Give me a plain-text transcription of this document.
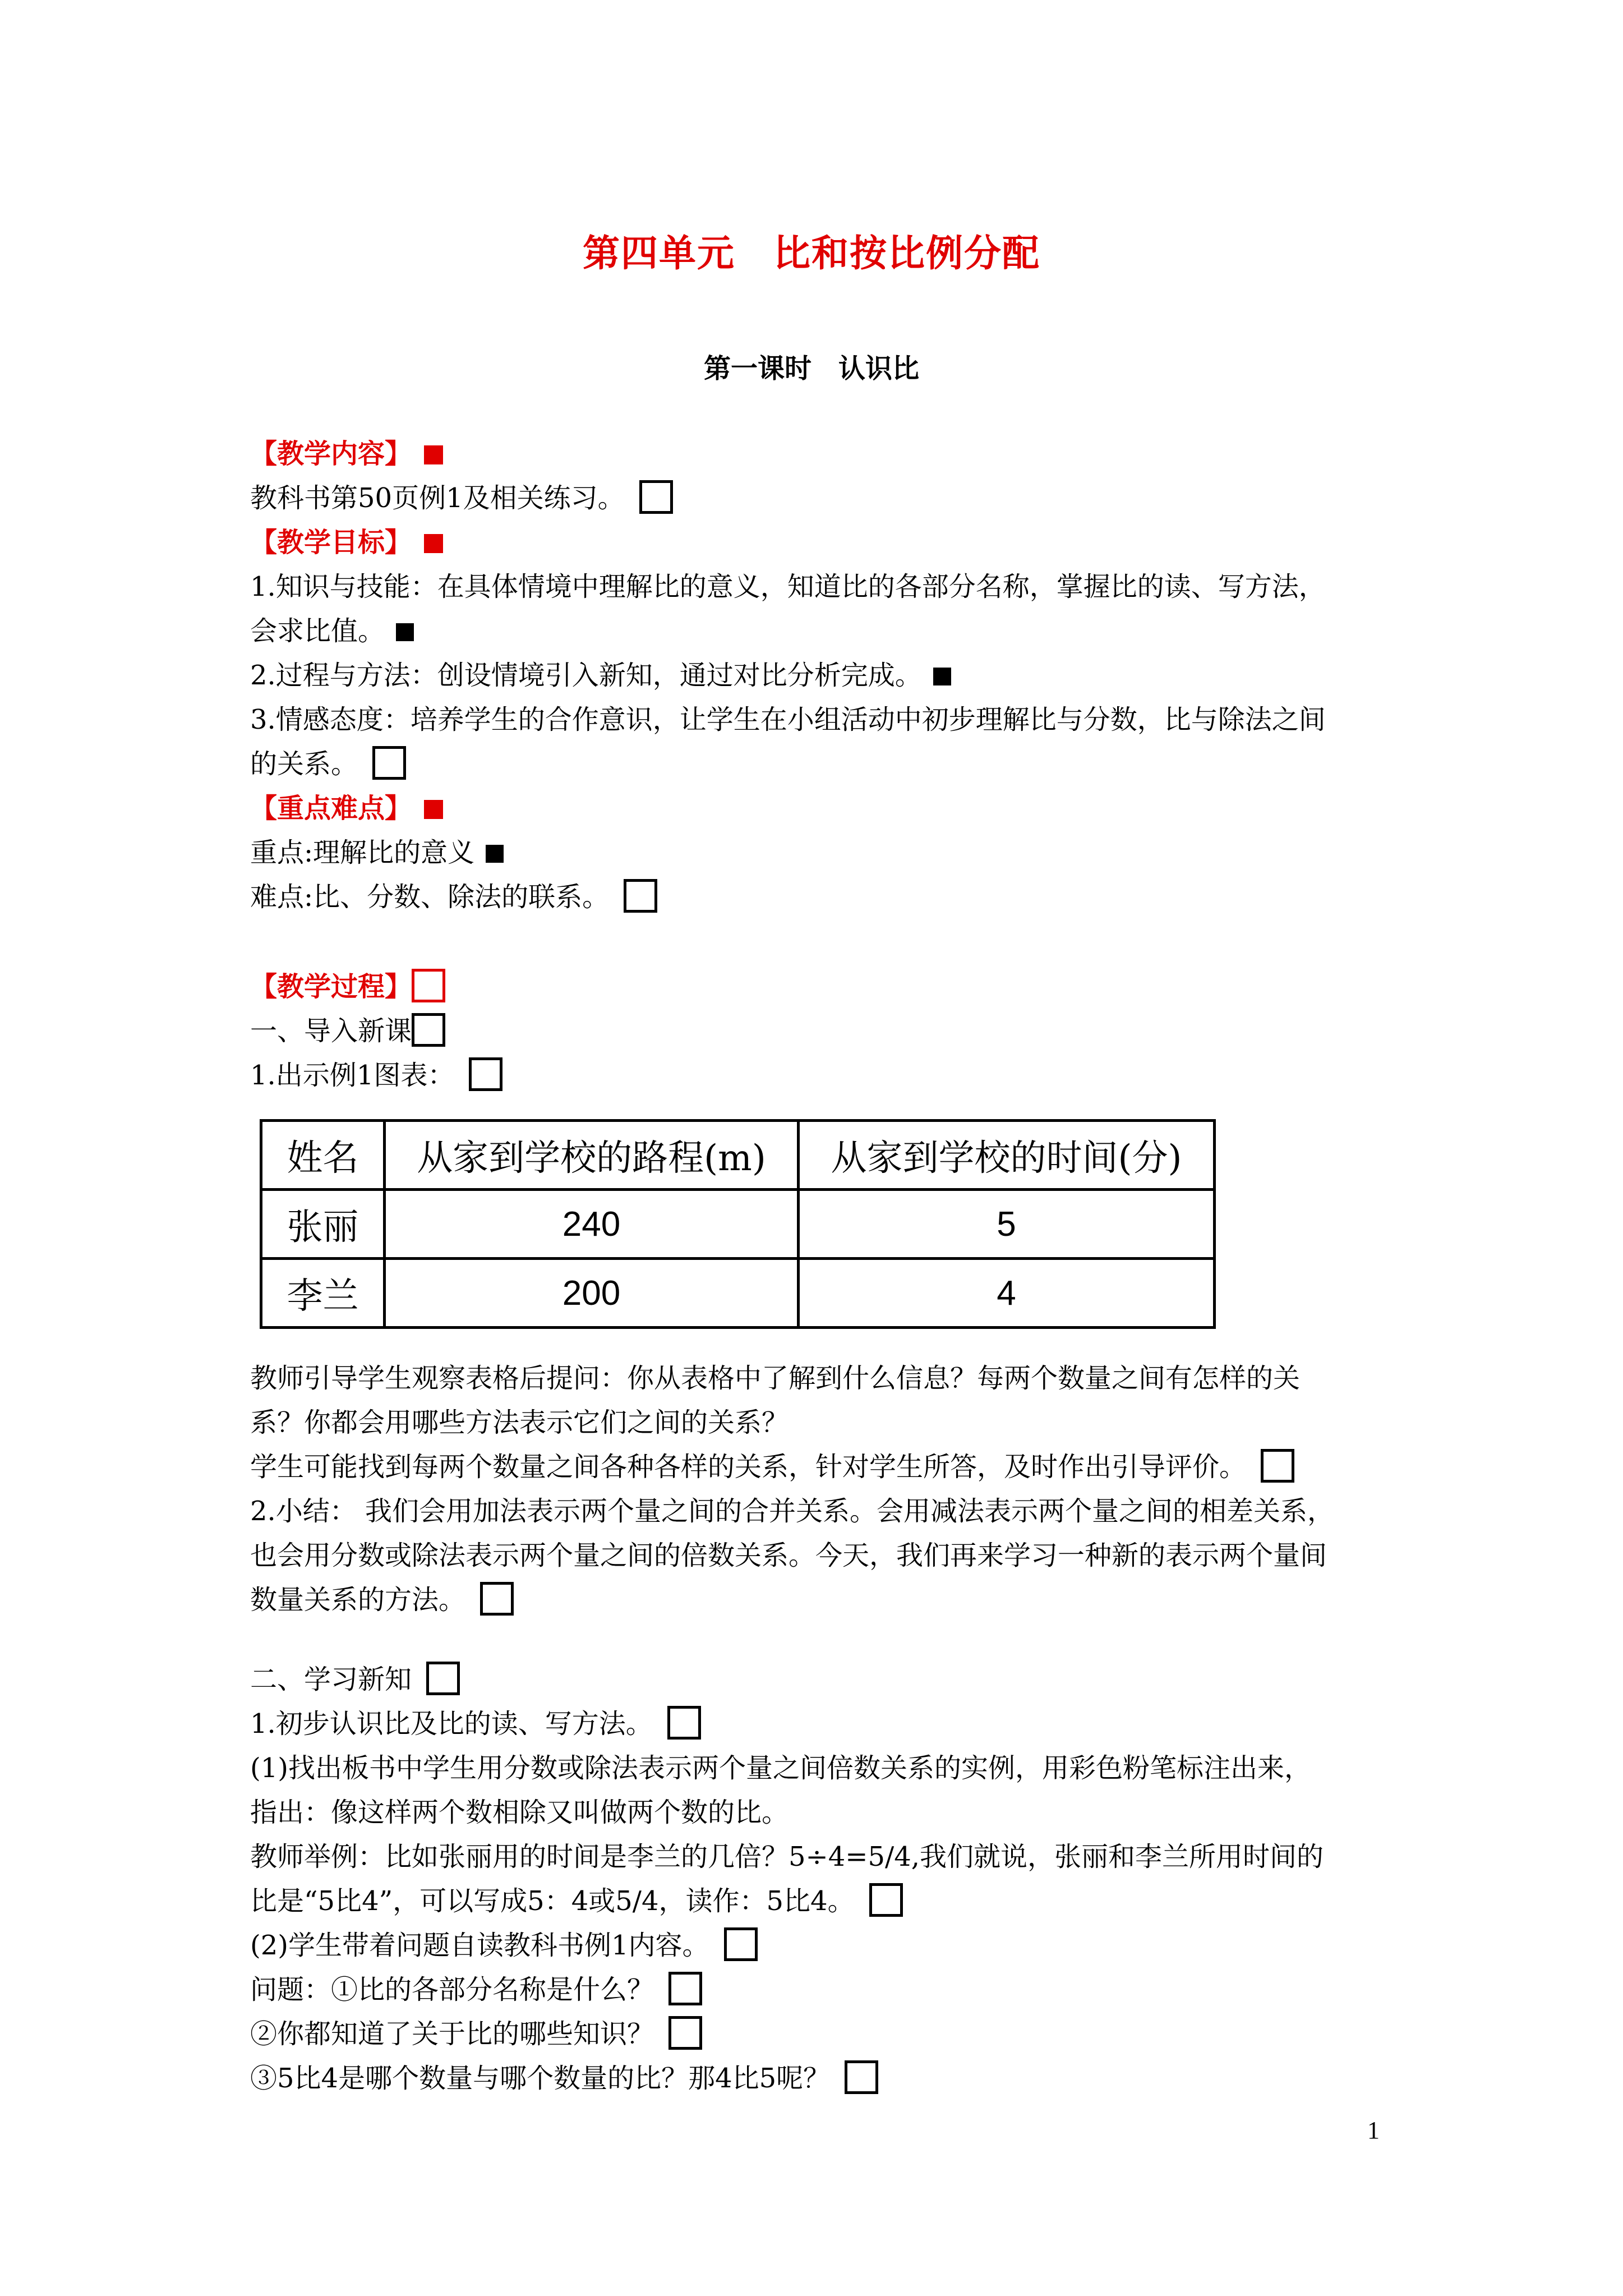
第四单元　比和按比例分配
第一课时　认识比
【教学内容】
教科书第50页例1及相关练习。
【教学目标】
1.知识与技能：在具体情境中理解比的意义，知道比的各部分名称，掌握比的读、写方法，
会求比值。
2.过程与方法：创设情境引入新知，通过对比分析完成。
3.情感态度：培养学生的合作意识，让学生在小组活动中初步理解比与分数，比与除法之间
的关系。
【重点难点】
重点:理解比的意义
难点:比、分数、除法的联系。
【教学过程】
一、导入新课
1.出示例1图表：
姓名	从家到学校的路程(m)	从家到学校的时间(分)
张丽	240	5
李兰	200	4
教师引导学生观察表格后提问：你从表格中了解到什么信息？每两个数量之间有怎样的关
系？你都会用哪些方法表示它们之间的关系？
学生可能找到每两个数量之间各种各样的关系，针对学生所答，及时作出引导评价。
2.小结： 我们会用加法表示两个量之间的合并关系。会用减法表示两个量之间的相差关系，
也会用分数或除法表示两个量之间的倍数关系。今天，我们再来学习一种新的表示两个量间
数量关系的方法。
二、学习新知
1.初步认识比及比的读、写方法。
(1)找出板书中学生用分数或除法表示两个量之间倍数关系的实例，用彩色粉笔标注出来，
指出：像这样两个数相除又叫做两个数的比。
教师举例：比如张丽用的时间是李兰的几倍？5÷4=5/4,我们就说，张丽和李兰所用时间的
比是“5比4”，可以写成5：4或5/4，读作：5比4。
(2)学生带着问题自读教科书例1内容。
问题：①比的各部分名称是什么？
②你都知道了关于比的哪些知识？
③5比4是哪个数量与哪个数量的比？那4比5呢？
1
